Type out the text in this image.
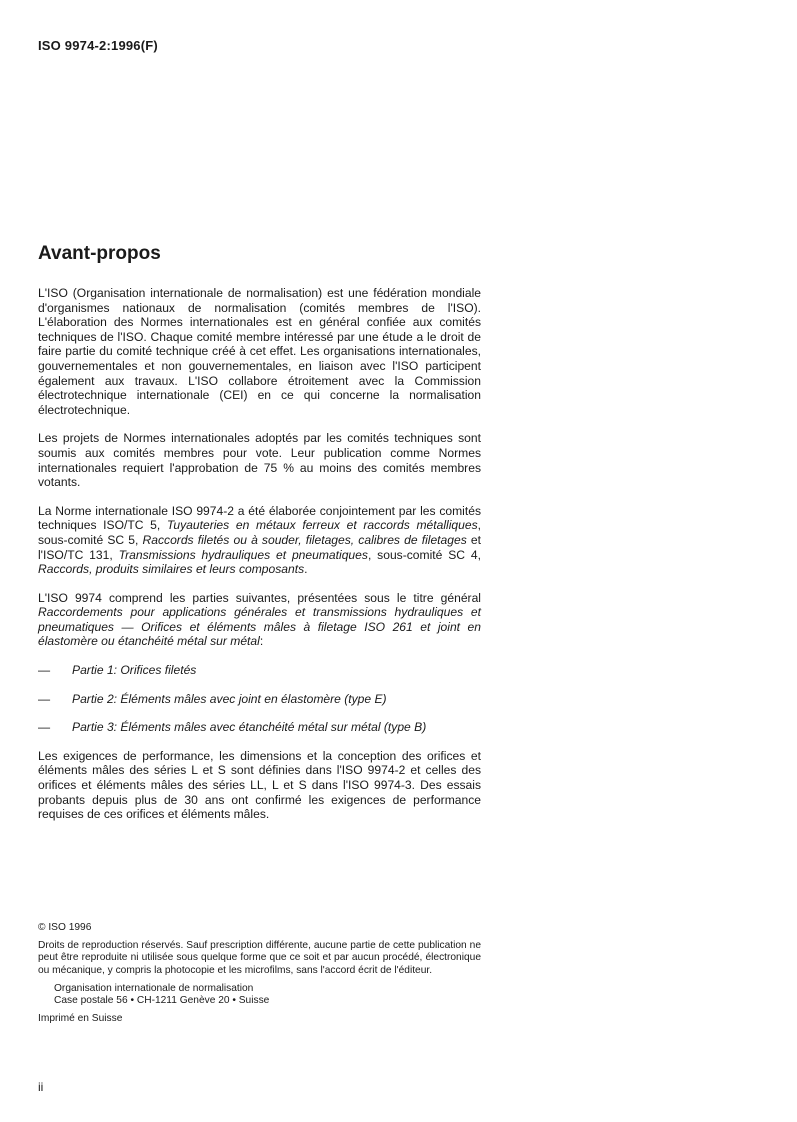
ISO 9974-2:1996(F)
Avant-propos

L'ISO (Organisation internationale de normalisation) est une fédération mondiale d'organismes nationaux de normalisation (comités membres de l'ISO). L'élaboration des Normes internationales est en général confiée aux comités techniques de l'ISO. Chaque comité membre intéressé par une étude a le droit de faire partie du comité technique créé à cet effet. Les organisations internationales, gouvernementales et non gouvernementales, en liaison avec l'ISO participent également aux travaux. L'ISO collabore étroitement avec la Commission électrotechnique internationale (CEI) en ce qui concerne la normalisation électrotechnique.

Les projets de Normes internationales adoptés par les comités techniques sont soumis aux comités membres pour vote. Leur publication comme Normes internationales requiert l'approbation de 75 % au moins des comités membres votants.

La Norme internationale ISO 9974-2 a été élaborée conjointement par les comités techniques ISO/TC 5, Tuyauteries en métaux ferreux et raccords métalliques, sous-comité SC 5, Raccords filetés ou à souder, filetages, calibres de filetages et l'ISO/TC 131, Transmissions hydrauliques et pneumatiques, sous-comité SC 4, Raccords, produits similaires et leurs composants.

L'ISO 9974 comprend les parties suivantes, présentées sous le titre général Raccordements pour applications générales et transmissions hydrauliques et pneumatiques — Orifices et éléments mâles à filetage ISO 261 et joint en élastomère ou étanchéité métal sur métal:

—	Partie 1: Orifices filetés
—	Partie 2: Éléments mâles avec joint en élastomère (type E)
—	Partie 3: Éléments mâles avec étanchéité métal sur métal (type B)

Les exigences de performance, les dimensions et la conception des orifices et éléments mâles des séries L et S sont définies dans l'ISO 9974-2 et celles des orifices et éléments mâles des séries LL, L et S dans l'ISO 9974-3. Des essais probants depuis plus de 30 ans ont confirmé les exigences de performance requises de ces orifices et éléments mâles.

© ISO 1996
Droits de reproduction réservés. Sauf prescription différente, aucune partie de cette publication ne peut être reproduite ni utilisée sous quelque forme que ce soit et par aucun procédé, électronique ou mécanique, y compris la photocopie et les microfilms, sans l'accord écrit de l'éditeur.
Organisation internationale de normalisation
Case postale 56 • CH-1211 Genève 20 • Suisse
Imprimé en Suisse
ii
